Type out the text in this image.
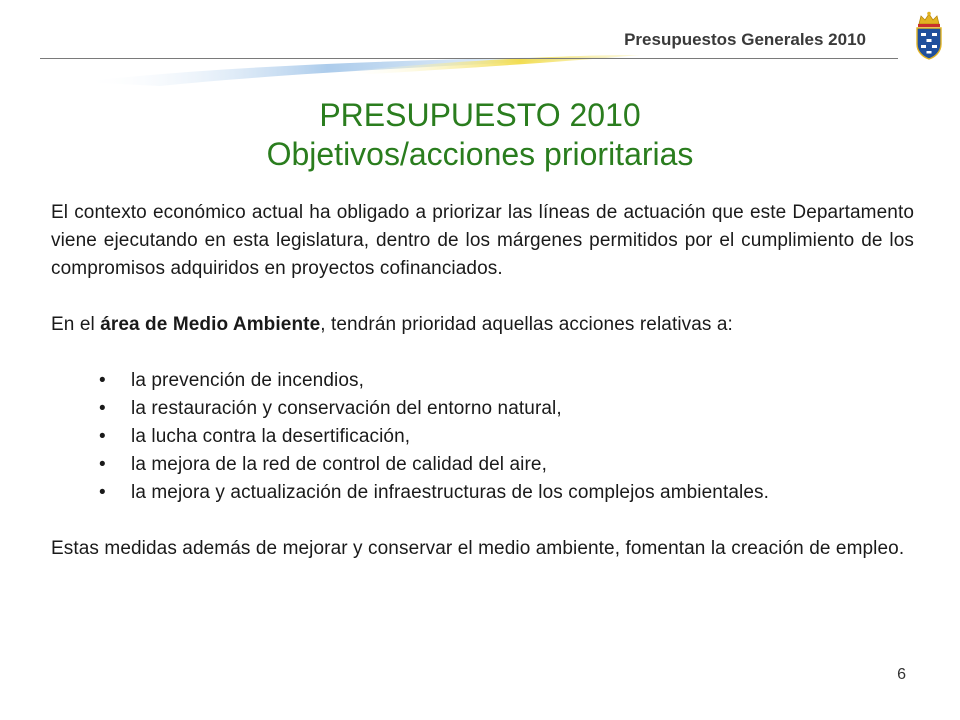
Presupuestos Generales 2010
PRESUPUESTO 2010
Objetivos/acciones prioritarias

El contexto económico actual ha obligado a priorizar las líneas de actuación que este Departamento viene ejecutando en esta legislatura, dentro de los márgenes permitidos por el cumplimiento de los compromisos adquiridos en proyectos cofinanciados.

En el área de Medio Ambiente, tendrán prioridad aquellas acciones relativas a:

• la prevención de incendios,
• la restauración y conservación del entorno natural,
• la lucha contra la desertificación,
• la mejora de la red de control de calidad del aire,
• la mejora y actualización de infraestructuras de los complejos ambientales.

Estas medidas además de mejorar y conservar el medio ambiente, fomentan la creación de empleo.

6
